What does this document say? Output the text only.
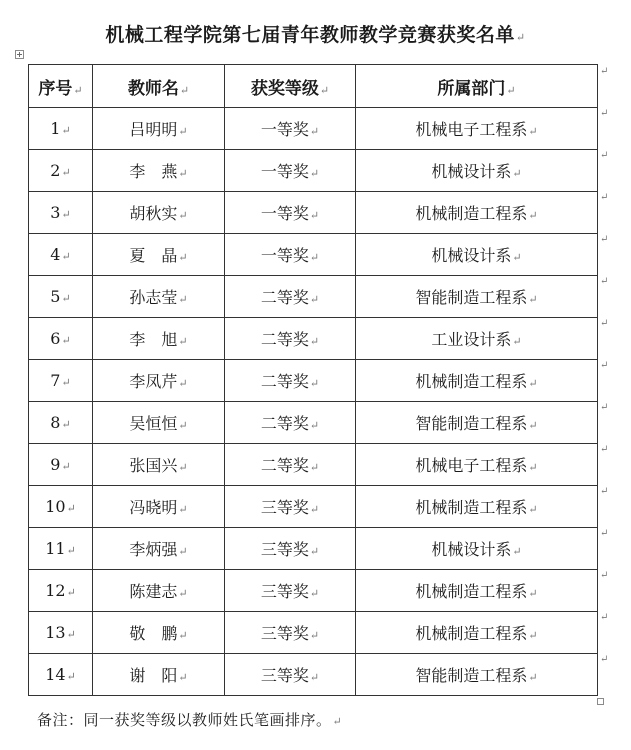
机械工程学院第七届青年教师教学竞赛获奖名单↵
序号↵	教师名↵	获奖等级↵	所属部门↵
1↵	吕明明↵	一等奖↵	机械电子工程系↵
2↵	李　燕↵	一等奖↵	机械设计系↵
3↵	胡秋实↵	一等奖↵	机械制造工程系↵
4↵	夏　晶↵	一等奖↵	机械设计系↵
5↵	孙志莹↵	二等奖↵	智能制造工程系↵
6↵	李　旭↵	二等奖↵	工业设计系↵
7↵	李凤芹↵	二等奖↵	机械制造工程系↵
8↵	吴恒恒↵	二等奖↵	智能制造工程系↵
9↵	张国兴↵	二等奖↵	机械电子工程系↵
10↵	冯晓明↵	三等奖↵	机械制造工程系↵
11↵	李炳强↵	三等奖↵	机械设计系↵
12↵	陈建志↵	三等奖↵	机械制造工程系↵
13↵	敬　鹏↵	三等奖↵	机械制造工程系↵
14↵	谢　阳↵	三等奖↵	智能制造工程系↵
↵
↵
↵
↵
↵
↵
↵
↵
↵
↵
↵
↵
↵
↵
↵
备注：同一获奖等级以教师姓氏笔画排序。↵
